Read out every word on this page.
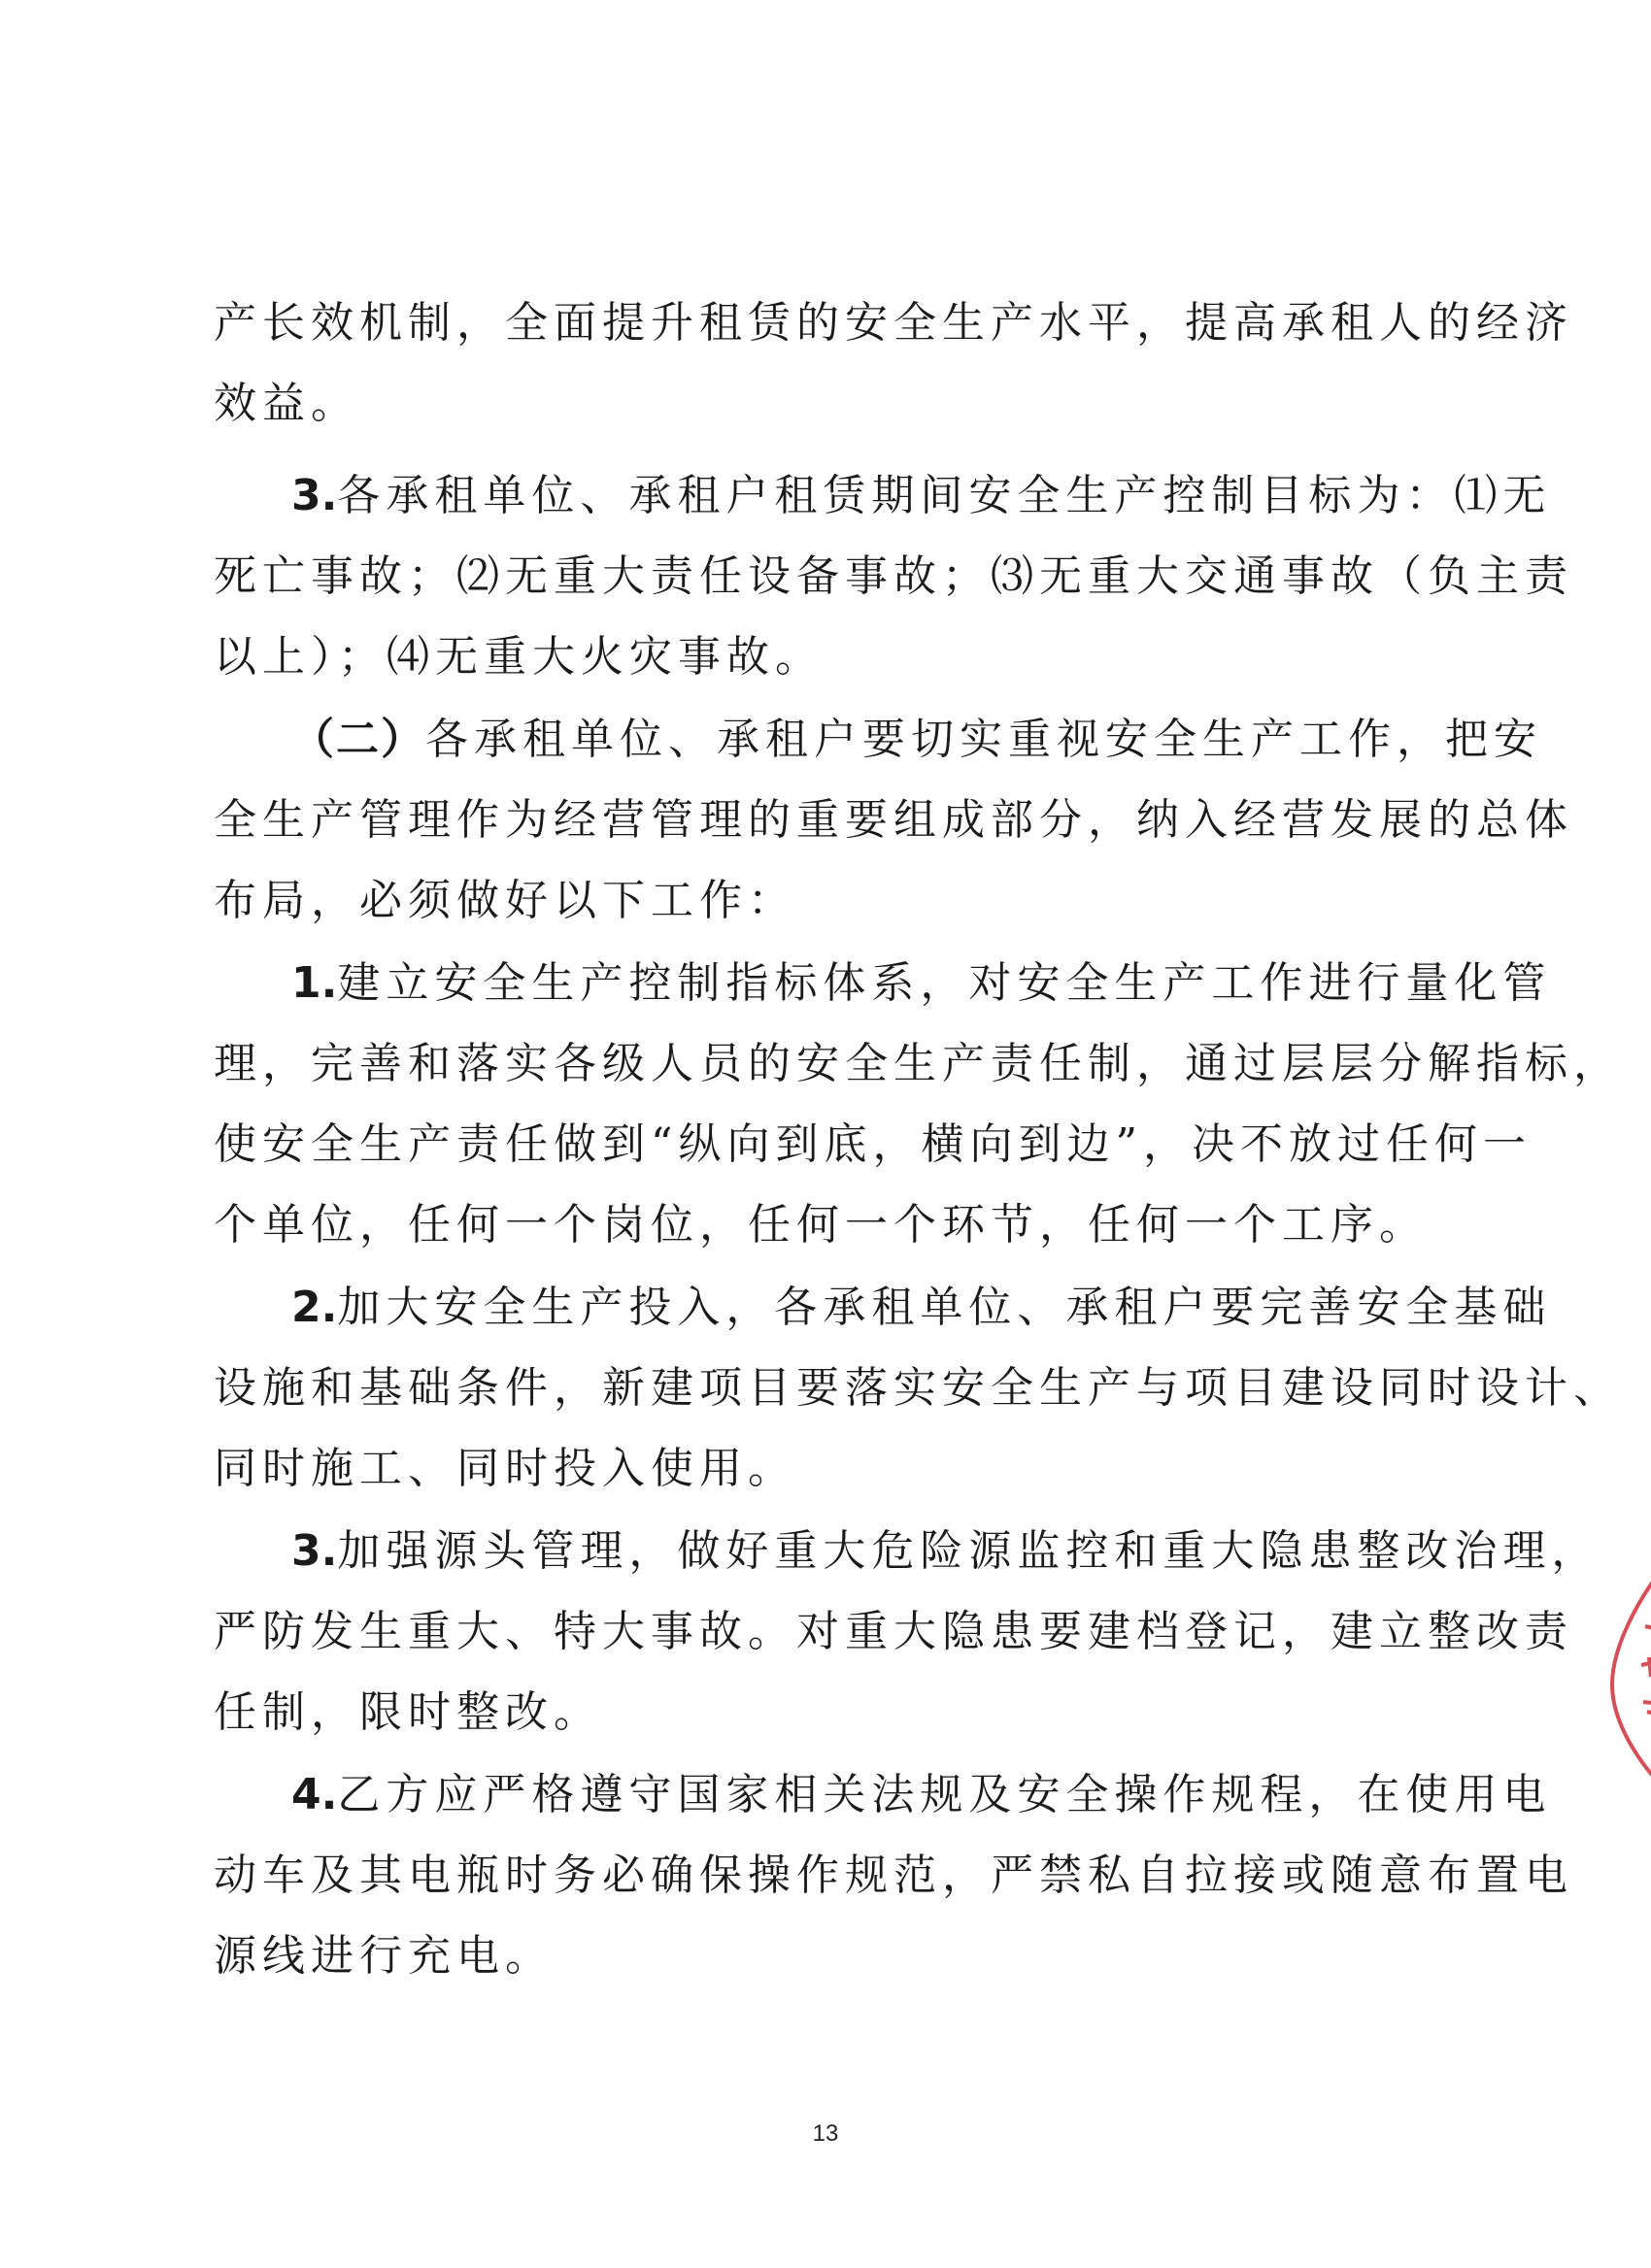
产长效机制，全面提升租赁的安全生产水平，提高承租人的经济
效益。
3.各承租单位、承租户租赁期间安全生产控制目标为：⑴无
死亡事故；⑵无重大责任设备事故；⑶无重大交通事故（负主责
以上）；⑷无重大火灾事故。
（二）各承租单位、承租户要切实重视安全生产工作，把安
全生产管理作为经营管理的重要组成部分，纳入经营发展的总体
布局，必须做好以下工作：
1.建立安全生产控制指标体系，对安全生产工作进行量化管
理，完善和落实各级人员的安全生产责任制，通过层层分解指标，
使安全生产责任做到“纵向到底，横向到边”，决不放过任何一
个单位，任何一个岗位，任何一个环节，任何一个工序。
2.加大安全生产投入，各承租单位、承租户要完善安全基础
设施和基础条件，新建项目要落实安全生产与项目建设同时设计、
同时施工、同时投入使用。
3.加强源头管理，做好重大危险源监控和重大隐患整改治理，
严防发生重大、特大事故。对重大隐患要建档登记，建立整改责
任制，限时整改。
4.乙方应严格遵守国家相关法规及安全操作规程，在使用电
动车及其电瓶时务必确保操作规范，严禁私自拉接或随意布置电
源线进行充电。
13
